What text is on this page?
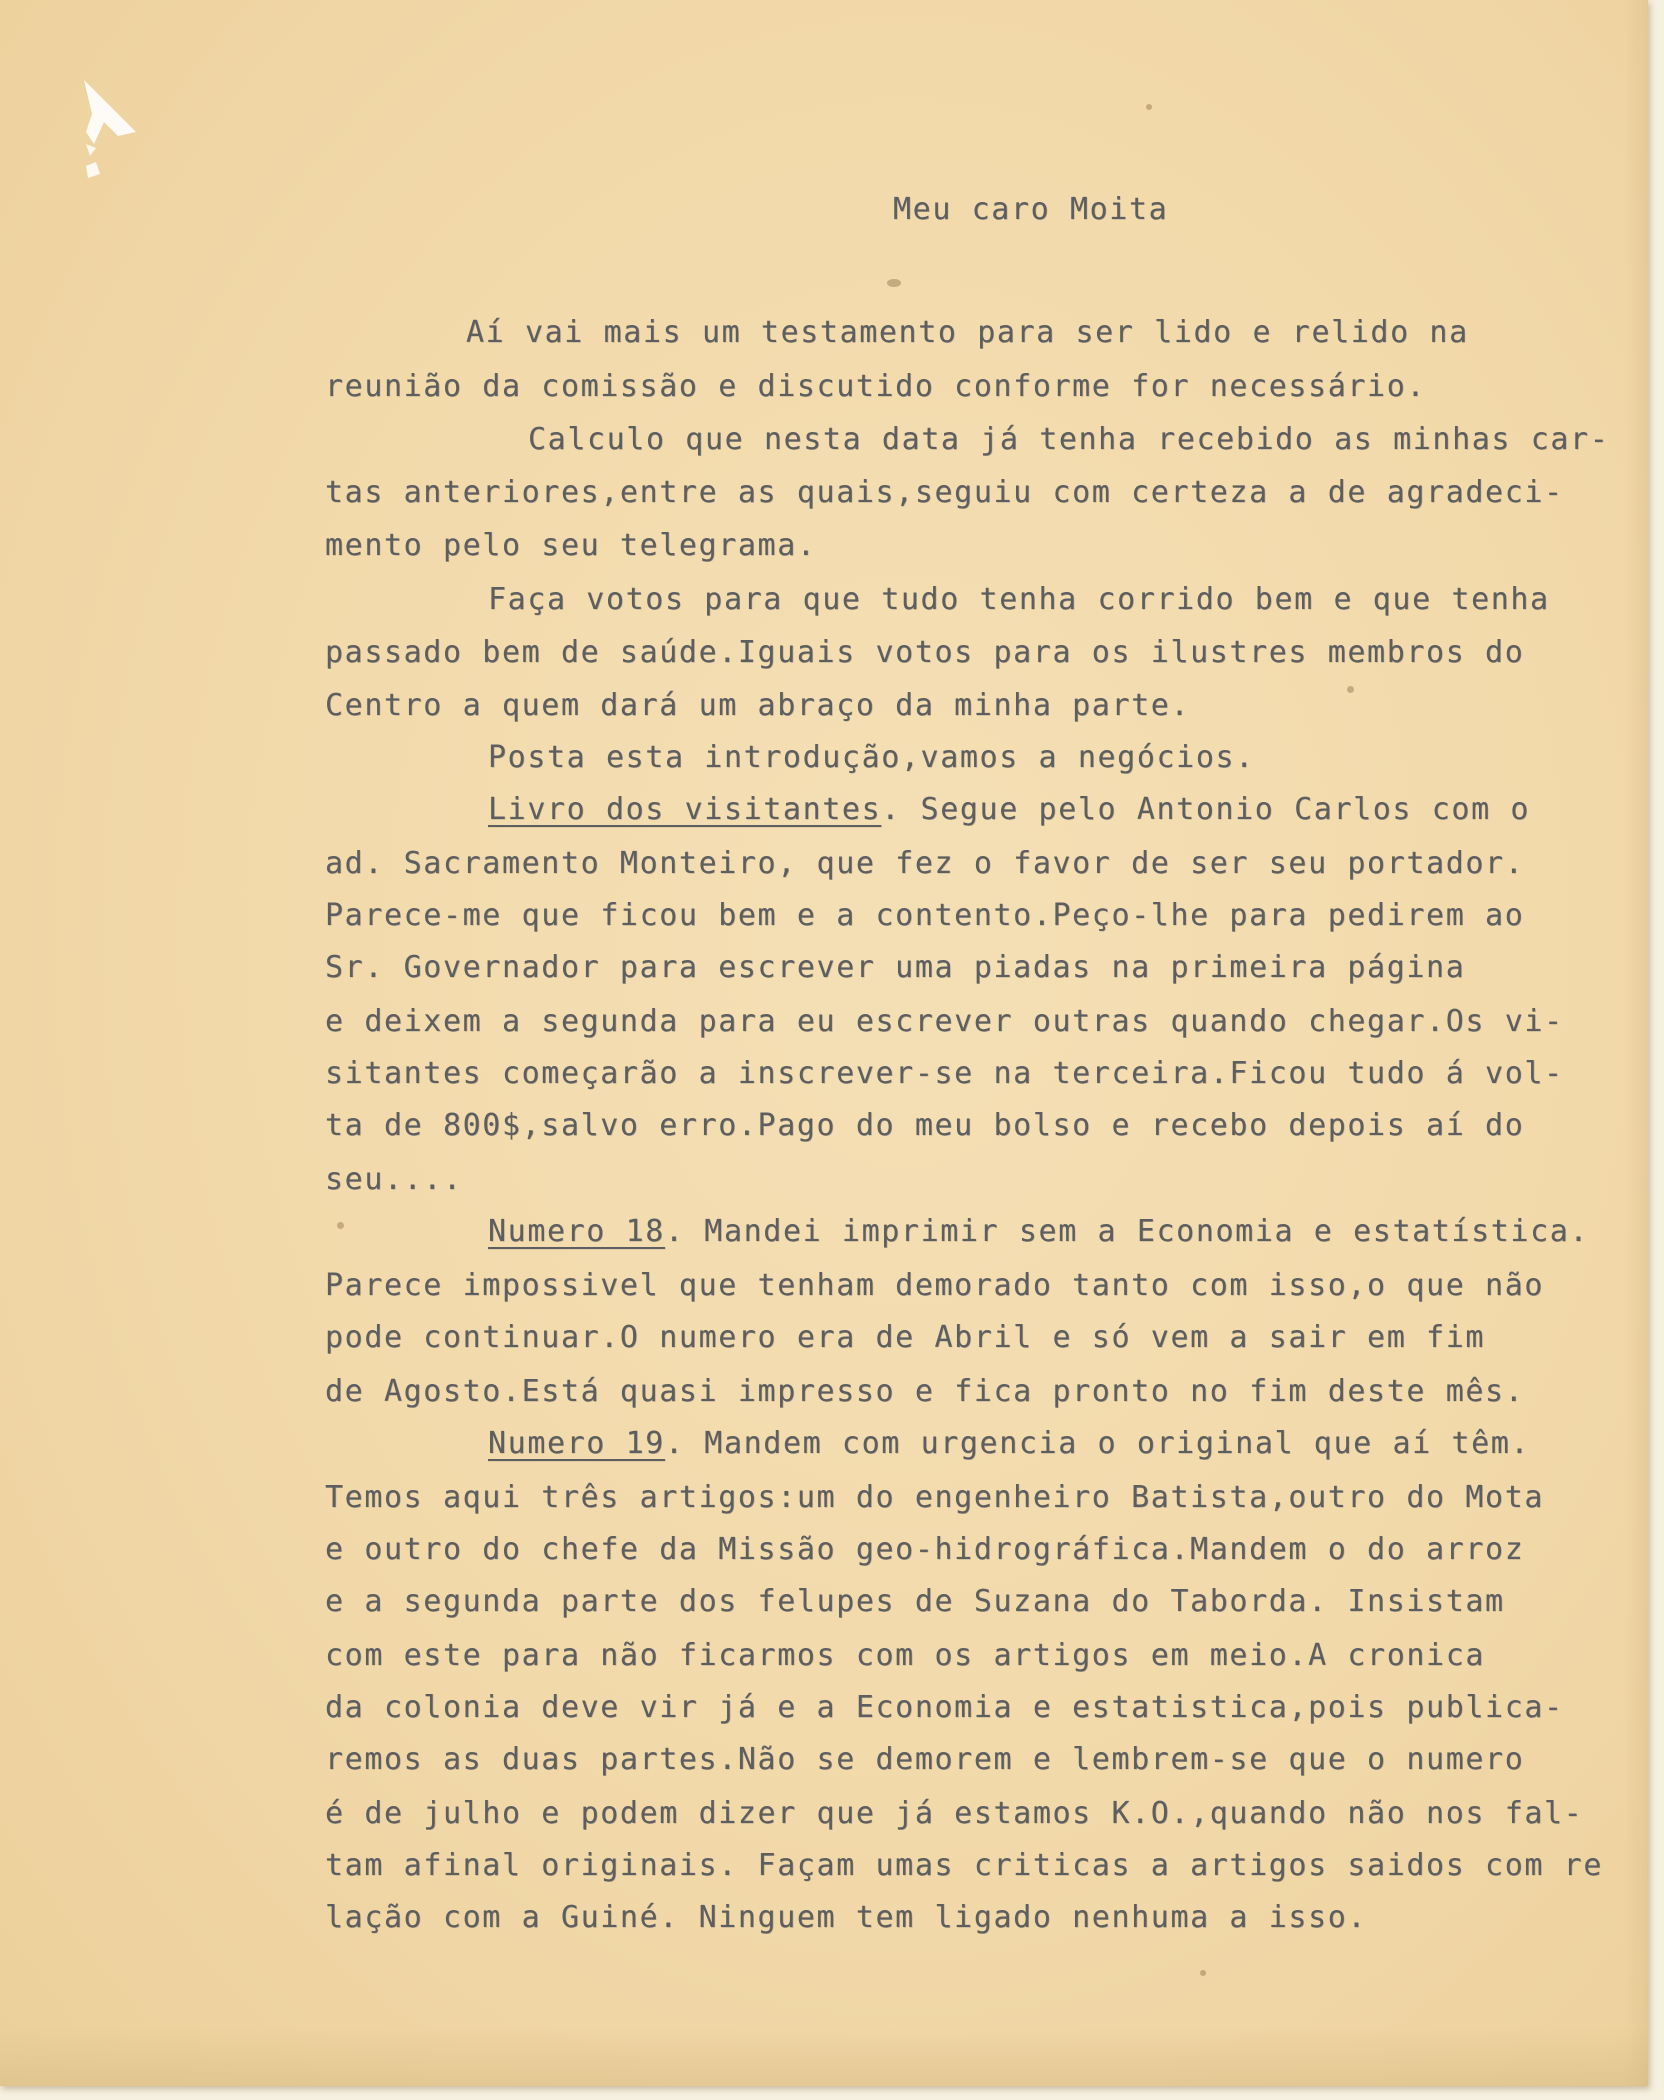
Meu caro Moita
Aí vai mais um testamento para ser lido e relido na
reunião da comissão e discutido conforme for necessário.
Calculo que nesta data já tenha recebido as minhas car-
tas anteriores,entre as quais,seguiu com certeza a de agradeci-
mento pelo seu telegrama.
Faça votos para que tudo tenha corrido bem e que tenha
passado bem de saúde.Iguais votos para os ilustres membros do
Centro a quem dará um abraço da minha parte.
Posta esta introdução,vamos a negócios.
Livro dos visitantes. Segue pelo Antonio Carlos com o
ad. Sacramento Monteiro, que fez o favor de ser seu portador.
Parece-me que ficou bem e a contento.Peço-lhe para pedirem ao
Sr. Governador para escrever uma piadas na primeira página
e deixem a segunda para eu escrever outras quando chegar.Os vi-
sitantes começarão a inscrever-se na terceira.Ficou tudo á vol-
ta de 800$,salvo erro.Pago do meu bolso e recebo depois aí do
seu....
Numero 18. Mandei imprimir sem a Economia e estatística.
Parece impossivel que tenham demorado tanto com isso,o que não
pode continuar.O numero era de Abril e só vem a sair em fim
de Agosto.Está quasi impresso e fica pronto no fim deste mês.
Numero 19. Mandem com urgencia o original que aí têm.
Temos aqui três artigos:um do engenheiro Batista,outro do Mota
e outro do chefe da Missão geo-hidrográfica.Mandem o do arroz
e a segunda parte dos felupes de Suzana do Taborda. Insistam
com este para não ficarmos com os artigos em meio.A cronica
da colonia deve vir já e a Economia e estatistica,pois publica-
remos as duas partes.Não se demorem e lembrem-se que o numero
é de julho e podem dizer que já estamos K.O.,quando não nos fal-
tam afinal originais. Façam umas criticas a artigos saidos com re
lação com a Guiné. Ninguem tem ligado nenhuma a isso.
